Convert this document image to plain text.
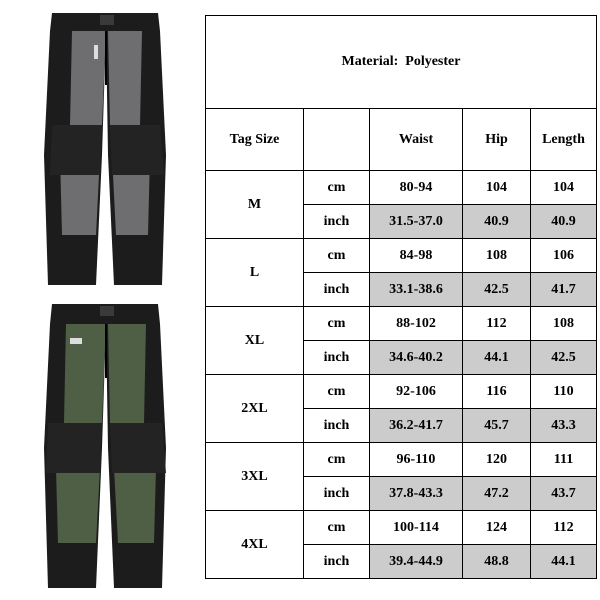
Material: Polyester				
Tag Size		Waist	Hip	Length
M	cm	80-94	104	104
	inch	31.5-37.0	40.9	40.9
L	cm	84-98	108	106
	inch	33.1-38.6	42.5	41.7
XL	cm	88-102	112	108
	inch	34.6-40.2	44.1	42.5
2XL	cm	92-106	116	110
	inch	36.2-41.7	45.7	43.3
3XL	cm	96-110	120	111
	inch	37.8-43.3	47.2	43.7
4XL	cm	100-114	124	112
	inch	39.4-44.9	48.8	44.1
